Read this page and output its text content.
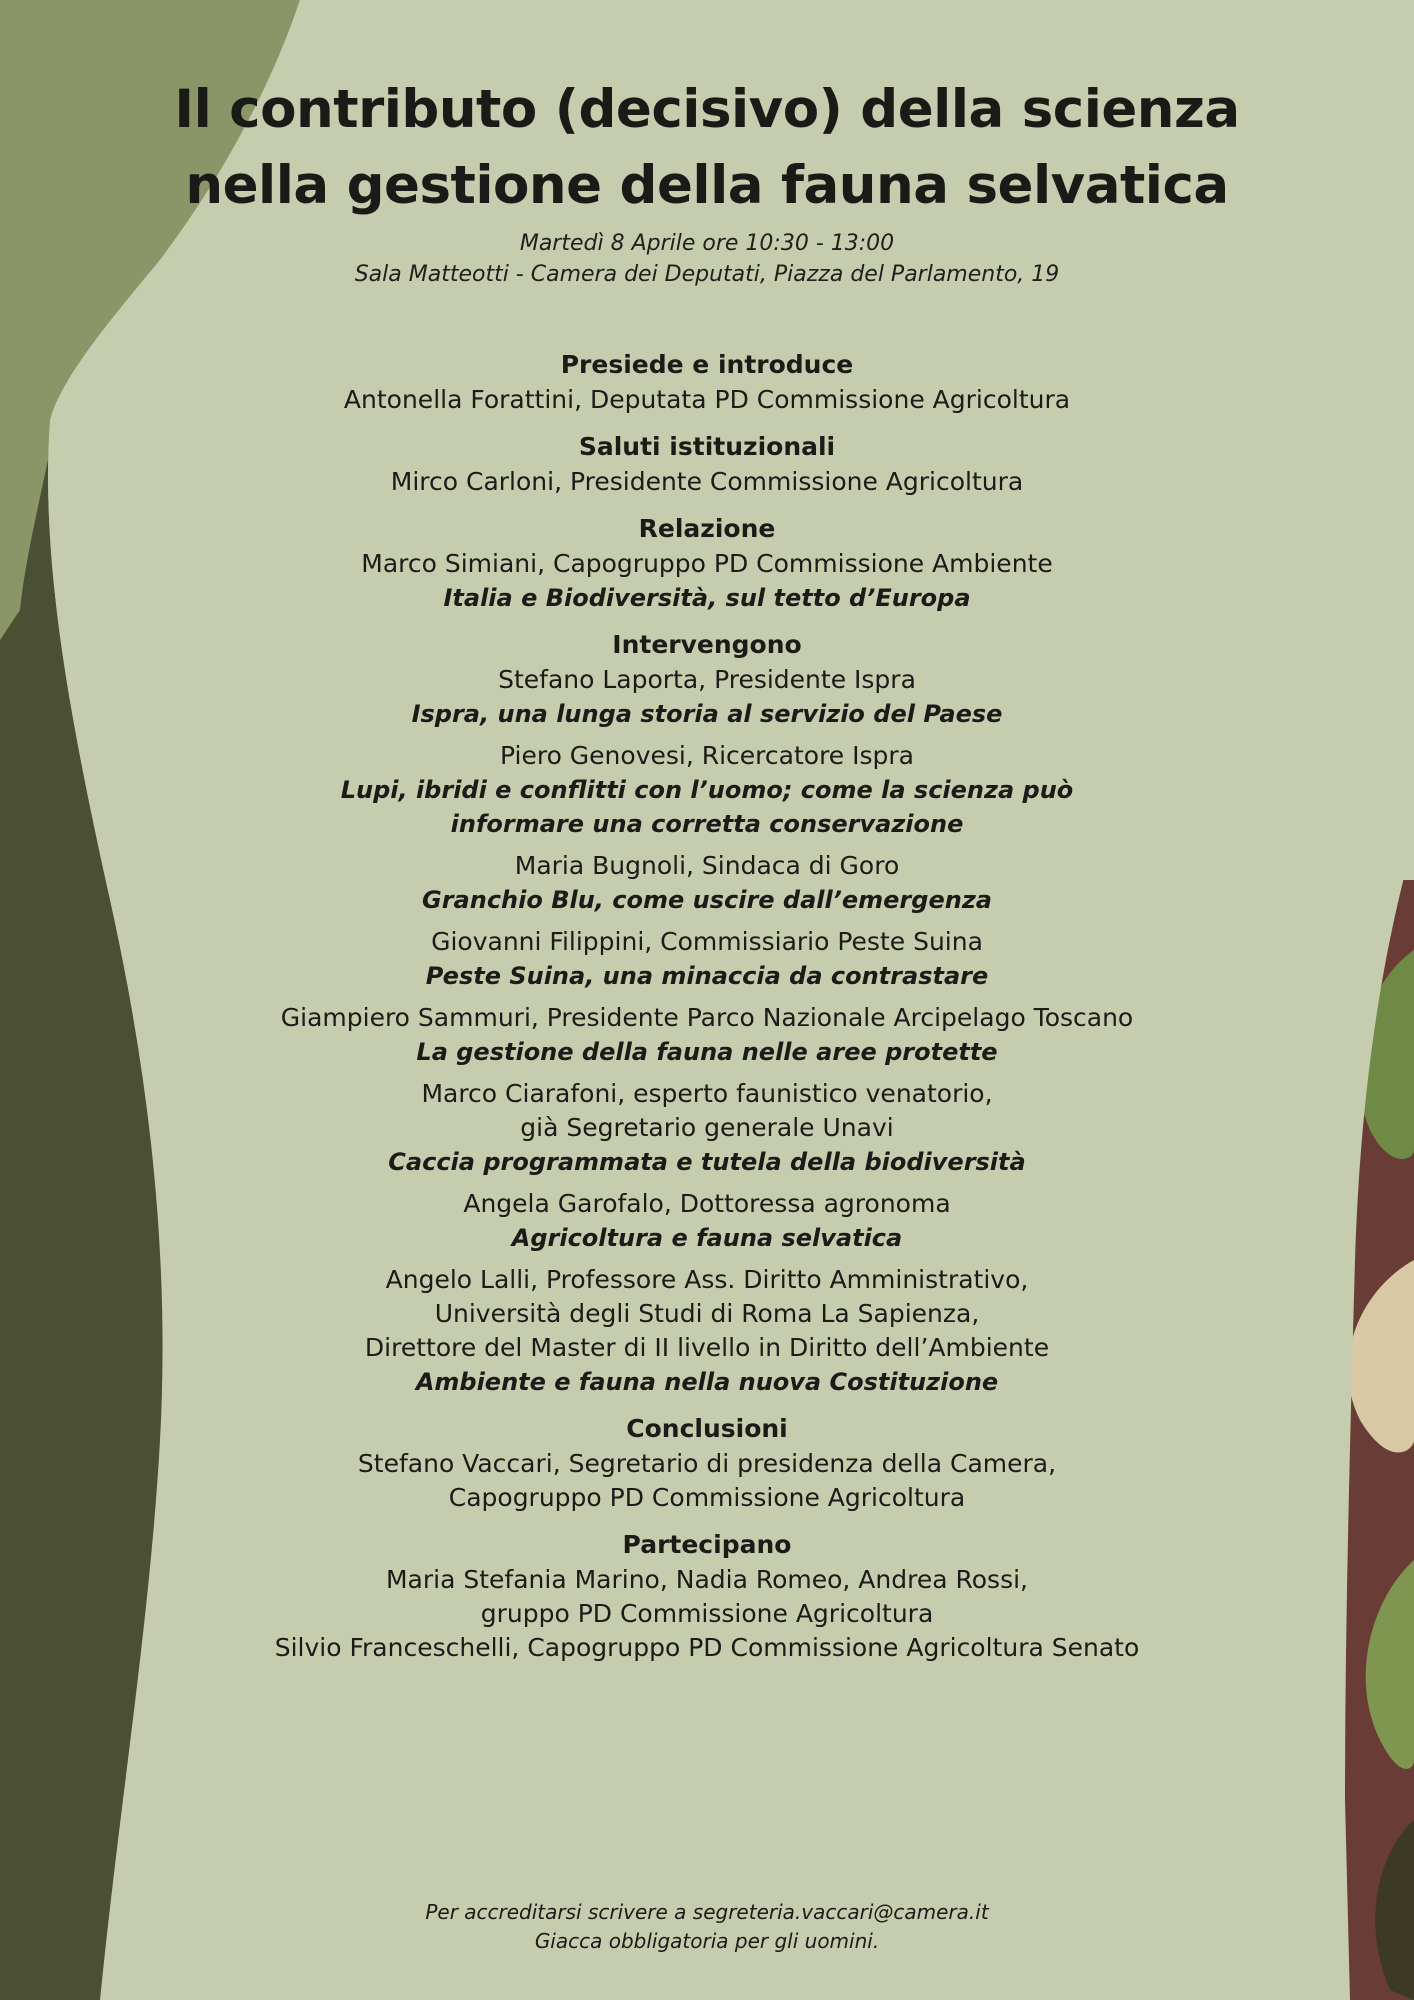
Il contributo (decisivo) della scienza
nella gestione della fauna selvatica
Martedì 8 Aprile ore 10:30 - 13:00
Sala Matteotti - Camera dei Deputati, Piazza del Parlamento, 19
Presiede e introduce
Antonella Forattini, Deputata PD Commissione Agricoltura
Saluti istituzionali
Mirco Carloni, Presidente Commissione Agricoltura
Relazione
Marco Simiani, Capogruppo PD Commissione Ambiente
Italia e Biodiversità, sul tetto d’Europa
Intervengono
Stefano Laporta, Presidente Ispra
Ispra, una lunga storia al servizio del Paese
Piero Genovesi, Ricercatore Ispra
Lupi, ibridi e conflitti con l’uomo; come la scienza può
informare una corretta conservazione
Maria Bugnoli, Sindaca di Goro
Granchio Blu, come uscire dall’emergenza
Giovanni Filippini, Commissiario Peste Suina
Peste Suina, una minaccia da contrastare
Giampiero Sammuri, Presidente Parco Nazionale Arcipelago Toscano
La gestione della fauna nelle aree protette
Marco Ciarafoni, esperto faunistico venatorio,
già Segretario generale Unavi
Caccia programmata e tutela della biodiversità
Angela Garofalo, Dottoressa agronoma
Agricoltura e fauna selvatica
Angelo Lalli, Professore Ass. Diritto Amministrativo,
Università degli Studi di Roma La Sapienza,
Direttore del Master di II livello in Diritto dell’Ambiente
Ambiente e fauna nella nuova Costituzione
Conclusioni
Stefano Vaccari, Segretario di presidenza della Camera,
Capogruppo PD Commissione Agricoltura
Partecipano
Maria Stefania Marino, Nadia Romeo, Andrea Rossi,
gruppo PD Commissione Agricoltura
Silvio Franceschelli, Capogruppo PD Commissione Agricoltura Senato
Per accreditarsi scrivere a segreteria.vaccari@camera.it
Giacca obbligatoria per gli uomini.
